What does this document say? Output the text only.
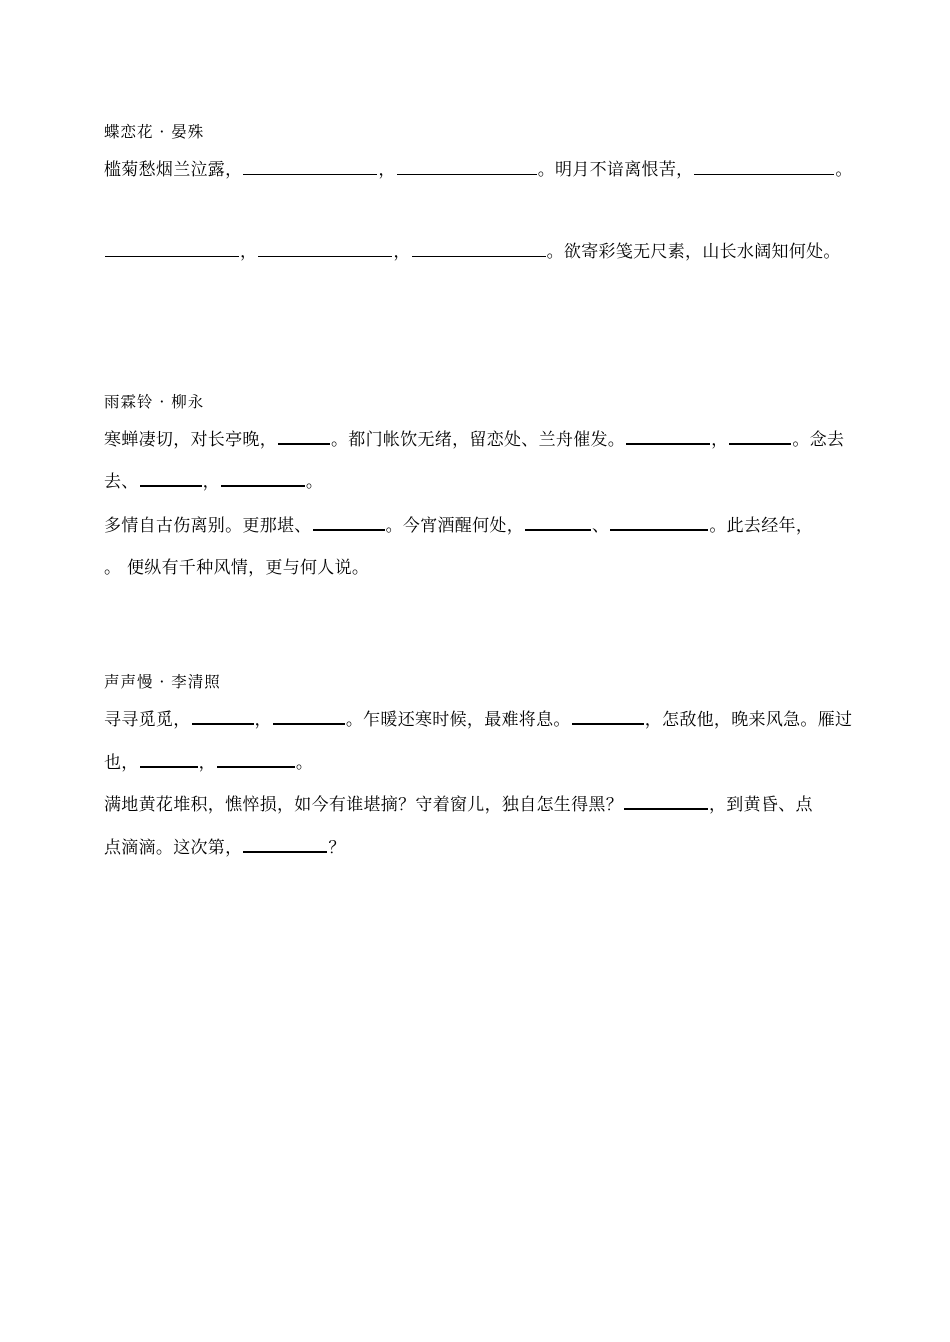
蝶恋花 · 晏殊
槛菊愁烟兰泣露，	，	。明月不谙离恨苦，	。
，	，	。欲寄彩笺无尺素，山长水阔知何处。
雨霖铃 · 柳永
寒蝉凄切，对长亭晚，	。都门帐饮无绪，留恋处、兰舟催发。	，	。念去
去、	，	。
多情自古伤离别。更那堪、	。今宵酒醒何处，	、	。此去经年，
。 便纵有千种风情，更与何人说。
声声慢 · 李清照
寻寻觅觅，	，	。乍暖还寒时候，最难将息。	，怎敌他，晚来风急。雁过
也，	，	。
满地黄花堆积，憔悴损，如今有谁堪摘？守着窗儿，独自怎生得黑？	，到黄昏、点
点滴滴。这次第，	？
